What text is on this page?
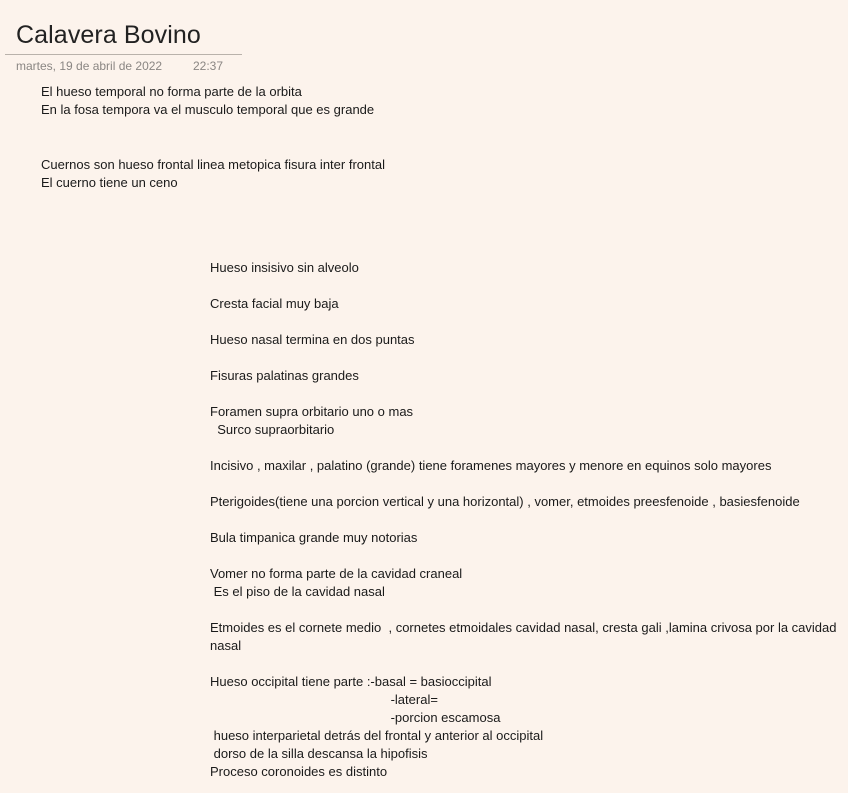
Calavera Bovino
martes, 19 de abril de 2022	22:37

El hueso temporal no forma parte de la orbita

En la fosa tempora va el musculo temporal que es grande

Cuernos son hueso frontal linea metopica fisura inter frontal

El cuerno tiene un ceno

Hueso insisivo sin alveolo

Cresta facial muy baja

Hueso nasal termina en dos puntas

Fisuras palatinas grandes

Foramen supra orbitario uno o mas

Surco supraorbitario

Incisivo , maxilar , palatino (grande) tiene foramenes mayores y menore en equinos solo mayores

Pterigoides(tiene una porcion vertical y una horizontal) , vomer, etmoides preesfenoide , basiesfenoide

Bula timpanica grande muy notorias

Vomer no forma parte de la cavidad craneal

Es el piso de la cavidad nasal

Etmoides es el cornete medio  , cornetes etmoidales cavidad nasal, cresta gali ,lamina crivosa por la cavidad nasal

Hueso occipital tiene parte :-basal = basioccipital

-lateral=

-porcion escamosa

hueso interparietal detrás del frontal y anterior al occipital

dorso de la silla descansa la hipofisis

Proceso coronoides es distinto
